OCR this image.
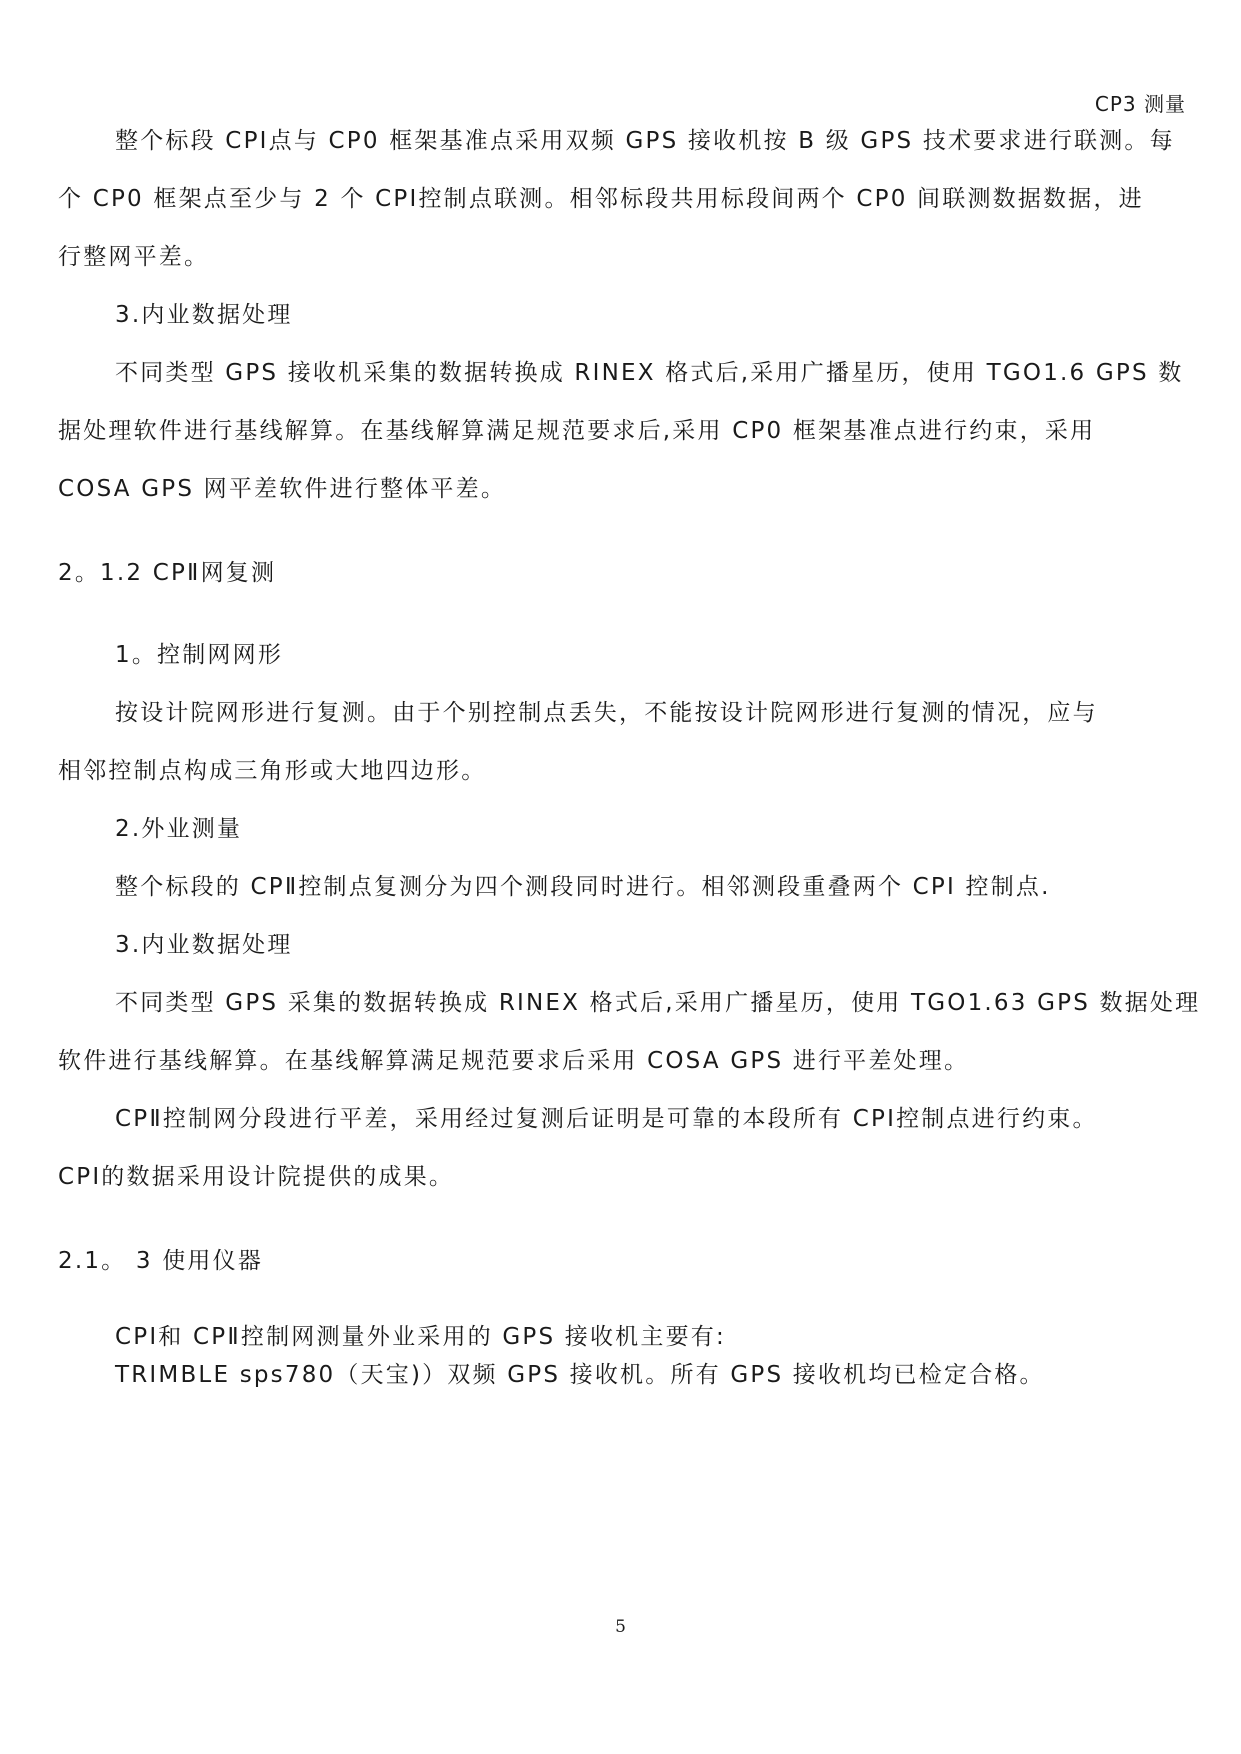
CP3 测量
整个标段 CPⅠ点与 CP0 框架基准点采用双频 GPS 接收机按 B 级 GPS 技术要求进行联测。每
个 CP0 框架点至少与 2 个 CPⅠ控制点联测。相邻标段共用标段间两个 CP0 间联测数据数据，进
行整网平差。
3.内业数据处理
不同类型 GPS 接收机采集的数据转换成 RINEX 格式后,采用广播星历，使用 TGO1.6 GPS 数
据处理软件进行基线解算。在基线解算满足规范要求后,采用 CP0 框架基准点进行约束，采用
COSA GPS 网平差软件进行整体平差。
2。1.2 CPⅡ网复测
1。控制网网形
按设计院网形进行复测。由于个别控制点丢失，不能按设计院网形进行复测的情况，应与
相邻控制点构成三角形或大地四边形。
2.外业测量
整个标段的 CPⅡ控制点复测分为四个测段同时进行。相邻测段重叠两个 CPI 控制点.
3.内业数据处理
不同类型 GPS 采集的数据转换成 RINEX 格式后,采用广播星历，使用 TGO1.63 GPS 数据处理
软件进行基线解算。在基线解算满足规范要求后采用 COSA GPS 进行平差处理。
CPⅡ控制网分段进行平差，采用经过复测后证明是可靠的本段所有 CPⅠ控制点进行约束。
CPⅠ的数据采用设计院提供的成果。
2.1。 3 使用仪器
CPⅠ和 CPⅡ控制网测量外业采用的 GPS 接收机主要有:
TRIMBLE sps780（天宝)）双频 GPS 接收机。所有 GPS 接收机均已检定合格。
5
